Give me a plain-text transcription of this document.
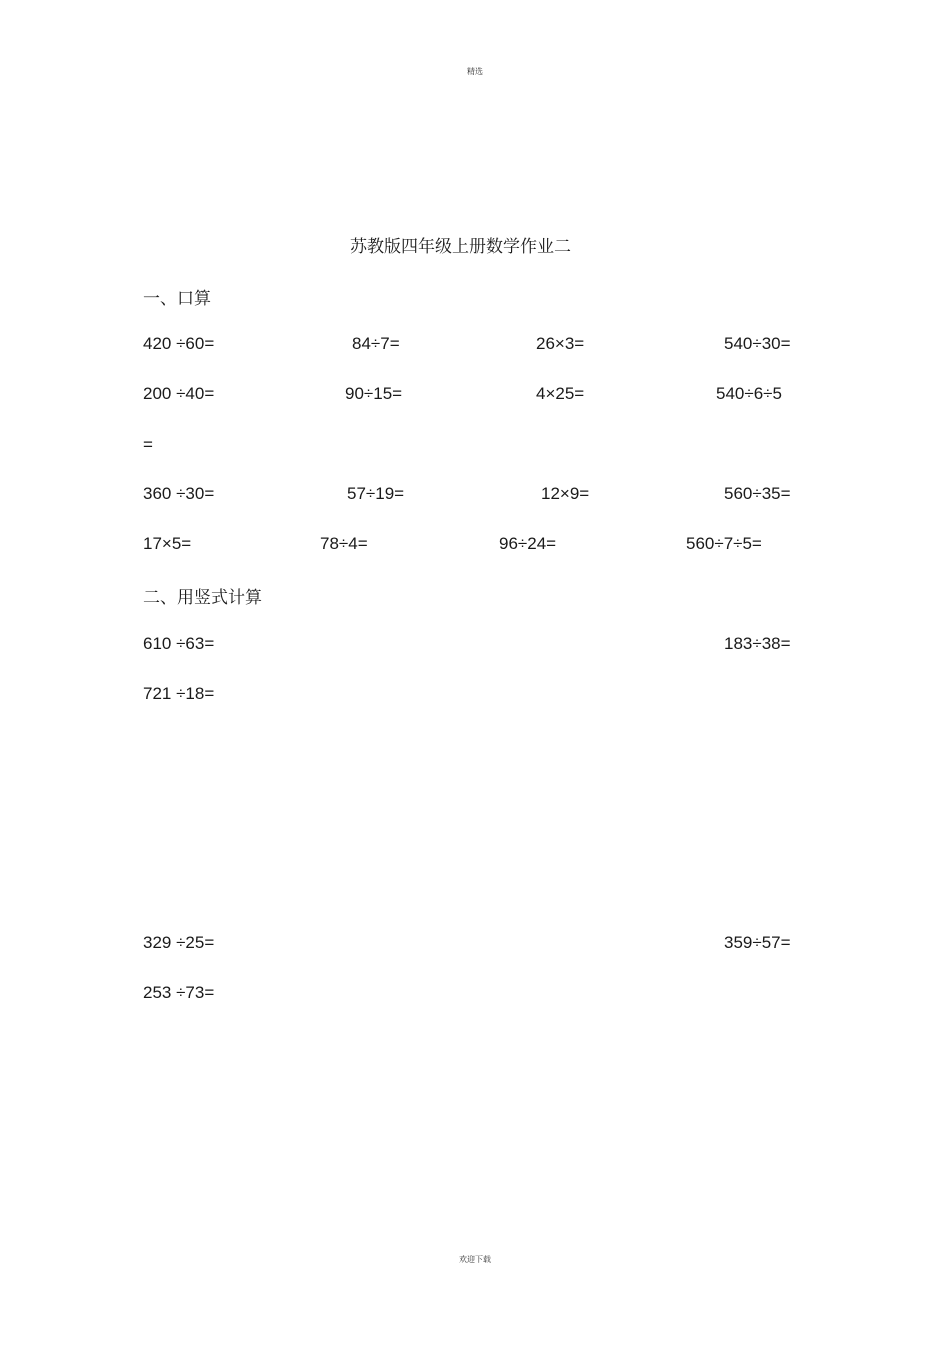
精选
苏教版四年级上册数学作业二
一、口算
420 ÷60=	84÷7=	26×3=	540÷30=
200 ÷40=	90÷15=	4×25=	540÷6÷5
=
360 ÷30=	57÷19=	12×9=	560÷35=
17×5=	78÷4=	96÷24=	560÷7÷5=
二、用竖式计算
610 ÷63=	183÷38=
721 ÷18=
329 ÷25=	359÷57=
253 ÷73=
欢迎下载
